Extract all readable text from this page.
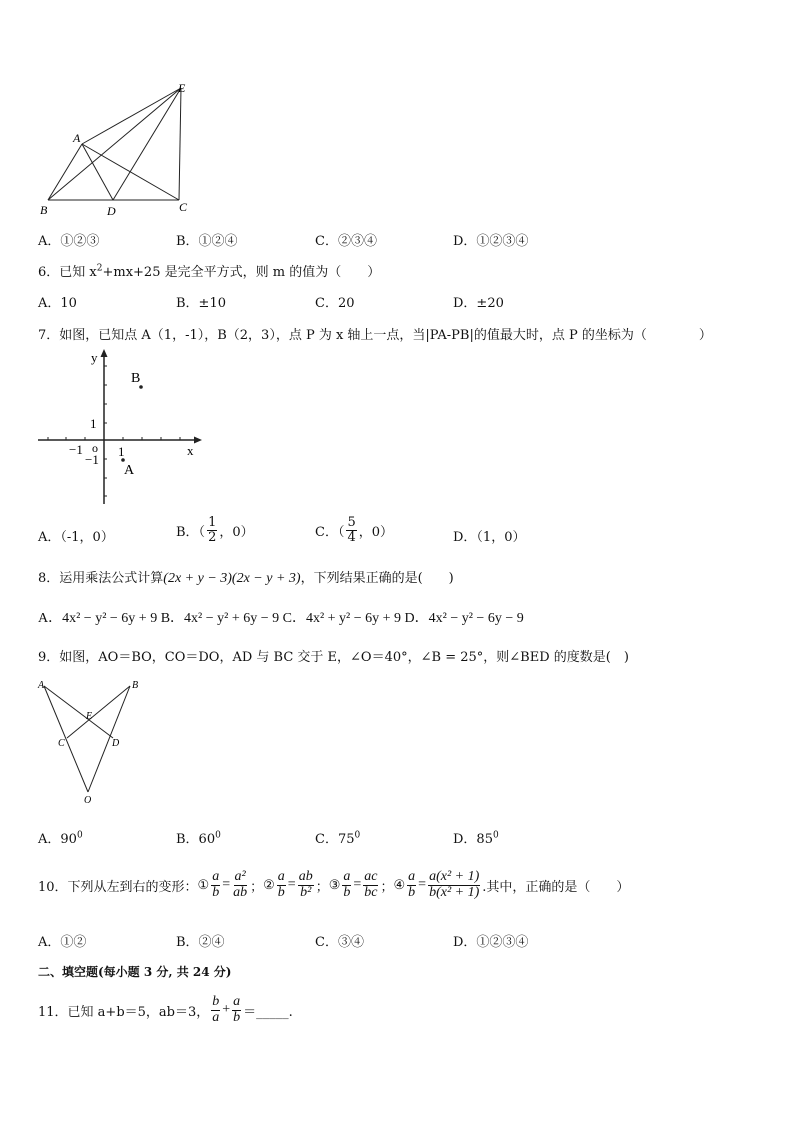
E
A
B	D	C
A．①②③	B．①②④	C．②③④	D．①②③④
6．已知 $x^2+mx+25$ 是完全平方式，则 m 的值为（　　）
A．10	B．±10	C．20	D．±20
7．如图，已知点 A（1，-1），B（2，3），点 P 为 x 轴上一点，当|PA-PB|的值最大时，点 P 的坐标为（　　　　）
y
x
B
A
1
−1 o
−1
1
A．（-1，0）	B．（ $\frac{1}{2}$ ，0）	C．（ $\frac{5}{4}$ ，0）	D．（1，0）
8．运用乘法公式计算(2x + y − 3)(2x − y + 3)，下列结果正确的是(　　)
A．4x² − y² − 6y + 9 B．4x² − y² + 6y − 9 C．4x² + y² − 6y + 9 D．4x² − y² − 6y − 9
9．如图，AO＝BO，CO＝DO，AD 与 BC 交于 E，∠O＝40°，∠B = 25°，则∠BED 的度数是(　)
A	B
E
C	D
O
A．$90^0$	B．$60^0$	C．$75^0$	D．$85^0$
10．下列从左到右的变形： ① $\frac{a}{b} = \frac{\text{a²}}{ab}$ ； ② $\frac{a}{b} = \frac{ab}{\text{b²}}$ ； ③ $\frac{a}{b} = \frac{ac}{bc}$ ； ④ $\frac{a}{b} = \frac{\text{a(x² + 1)}}{\text{b(x² + 1)}}$ .其中，正确的是（　　）
A．①②	B．②④	C．③④	D．①②③④
二、填空题(每小题 3 分, 共 24 分)
11．已知 a+b＝5，ab＝3， $\frac{b}{a} + \frac{a}{b}$ ＝_____.
